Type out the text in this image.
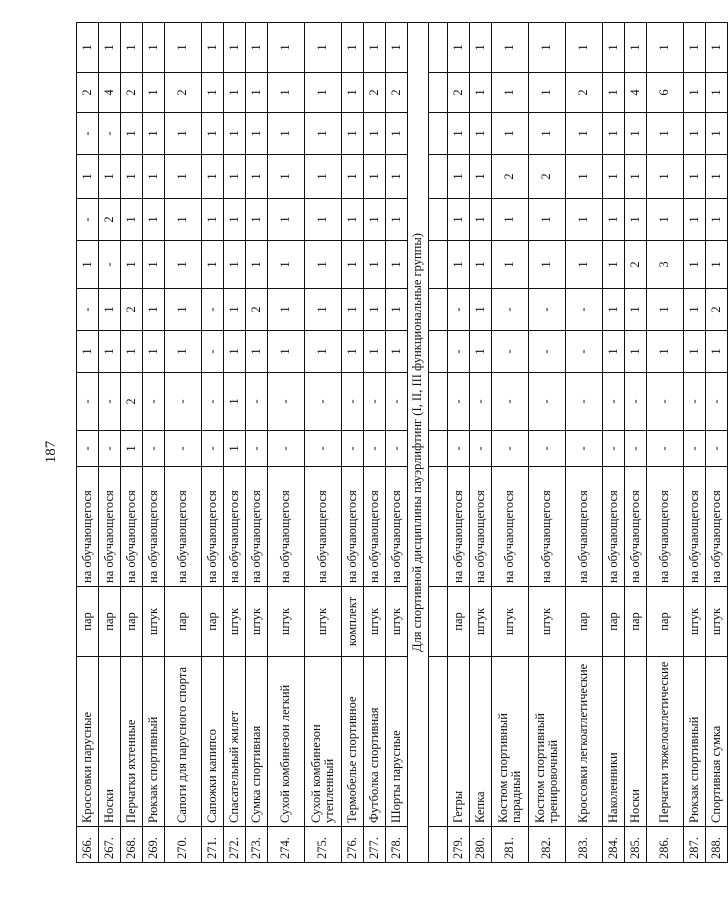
187
266.	Кроссовки парусные	пар	на обучающегося	-	-	1	-	1	-	1	-	2	1
267.	Носки	пар	на обучающегося	-	-	1	1	-	2	1	-	4	1
268.	Перчатки яхтенные	пар	на обучающегося	1	2	1	2	1	1	1	1	2	1
269.	Рюкзак спортивный	штук	на обучающегося	-	-	1	1	1	1	1	1	1	1
270.	Сапоги для парусного спорта	пар	на обучающегося	-	-	1	1	1	1	1	1	2	1
271.	Сапожки капипсо	пар	на обучающегося	-	-	-	-	1	1	1	1	1	1
272.	Спасательный жилет	штук	на обучающегося	1	1	1	1	1	1	1	1	1	1
273.	Сумка спортивная	штук	на обучающегося	-	-	1	2	1	1	1	1	1	1
274.	Сухой комбинезон легкий	штук	на обучающегося	-	-	1	1	1	1	1	1	1	1
275.	Сухой комбинезон утепленный	штук	на обучающегося	-	-	1	1	1	1	1	1	1	1
276.	Термобелье спортивное	комплект	на обучающегося	-	-	1	1	1	1	1	1	1	1
277.	Футболка спортивная	штук	на обучающегося	-	-	1	1	1	1	1	1	2	1
278.	Шорты парусные	штук	на обучающегося	-	-	1	1	1	1	1	1	2	1
Для спортивной дисциплины пауэрлифтинг (I, II, III функциональные группы)													

279.	Гетры	пар	на обучающегося	-	-	-	-	1	1	1	1	2	1
280.	Кепка	штук	на обучающегося	-	-	1	1	1	1	1	1	1	1
281.	Костюм спортивный парадный	штук	на обучающегося	-	-	-	-	1	1	2	1	1	1
282.	Костюм спортивный тренировочный	штук	на обучающегося	-	-	-	-	1	1	2	1	1	1
283.	Кроссовки легкоатлетические	пар	на обучающегося	-	-	-	-	1	1	1	1	2	1
284.	Наколенники	пар	на обучающегося	-	-	1	1	1	1	1	1	1	1
285.	Носки	пар	на обучающегося	-	-	1	1	2	1	1	1	4	1
286.	Перчатки тяжелоатлетические	пар	на обучающегося	-	-	1	1	3	1	1	1	6	1
287.	Рюкзак спортивный	штук	на обучающегося	-	-	1	1	1	1	1	1	1	1
288.	Спортивная сумка	штук	на обучающегося	-	-	1	2	1	1	1	1	1	1
